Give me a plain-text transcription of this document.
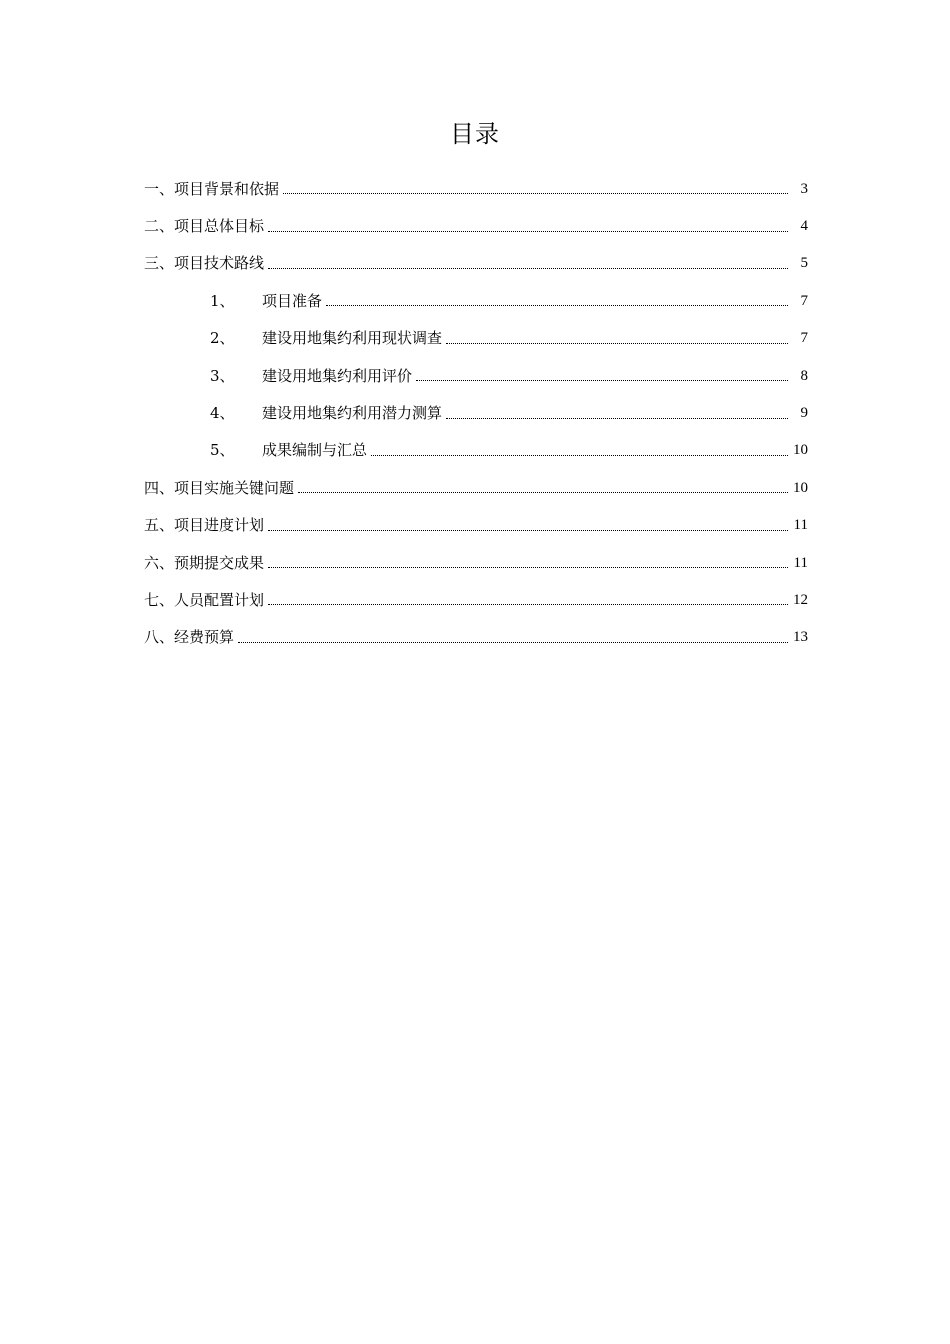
目录
一、 项目背景和依据	3
二、 项目总体目标	4
三、 项目技术路线	5
1、	项目准备	7
2、	建设用地集约利用现状调查	7
3、	建设用地集约利用评价	8
4、	建设用地集约利用潜力测算	9
5、	成果编制与汇总	10
四、 项目实施关键问题	10
五、 项目进度计划	11
六、 预期提交成果	11
七、 人员配置计划	12
八、 经费预算	13
